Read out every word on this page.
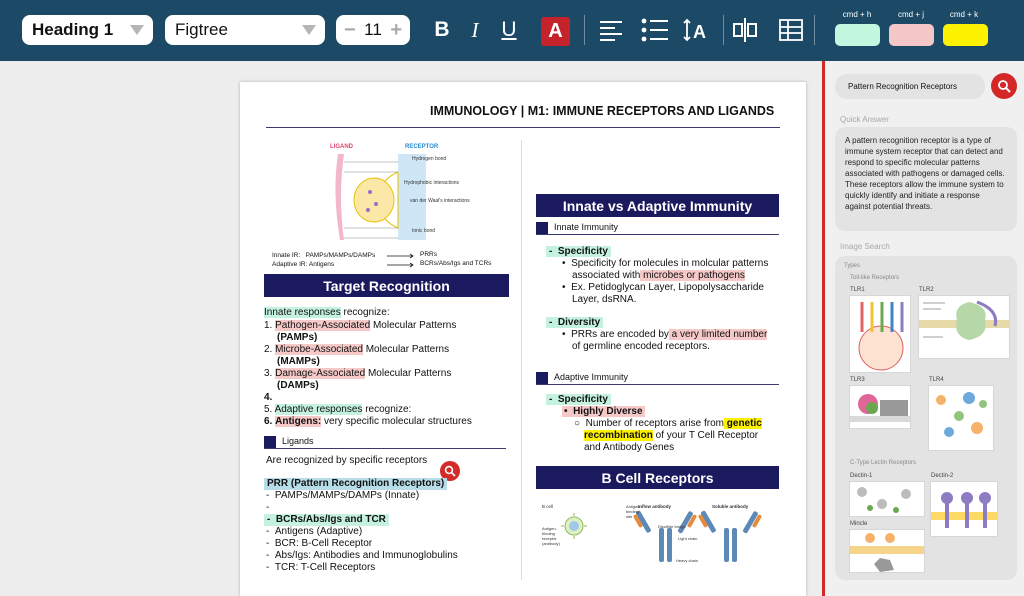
Heading 1	Figtree	− 11 + B I U	A	A
cmd + h	cmd + j	cmd + k
IMMUNOLOGY | M1: IMMUNE RECEPTORS AND LIGANDS
LIGAND	RECEPTOR
Hydrogen bond
Hydrophobic interactions
van der Waal's interactions
Ionic bond
Innate IR: PAMPs/MAMPs/DAMPs
Adaptive IR: Antigens
PRRs
BCRs/Abs/Igs and TCRs
Target Recognition
Innate responses recognize:
1. Pathogen-Associated Molecular Patterns
(PAMPs)
2. Microbe-Associated Molecular Patterns
(MAMPs)
3. Damage-Associated Molecular Patterns
(DAMPs)
4.
5. Adaptive responses recognize:
6. Antigens: very specific molecular structures
Ligands
Are recognized by specific receptors
PRR (Pattern Recognition Receptors)
-  PAMPs/MAMPs/DAMPs (Innate)
-
-  BCRs/Abs/Igs and TCR
-  Antigens (Adaptive)
-  BCR: B-Cell Receptor
-  Abs/Igs: Antibodies and Immunoglobulins
-  TCR: T-Cell Receptors
Innate vs Adaptive Immunity
Innate Immunity
-  Specificity
•  Specificity for molecules in molcular patterns
associated with microbes or pathogens
•  Ex. Petidoglycan Layer, Lipopolysaccharide
Layer, dsRNA.
-  Diversity
•  PRRs are encoded by a very limited number
of germline encoded receptors.
Adaptive Immunity
-  Specificity
•  Highly Diverse
○  Number of receptors arise from genetic
recombination of your T Cell Receptor
and Antibody Genes
B Cell Receptors
B cell
Antigen-binding receptor (antibody)
Inflow antibody	Soluble antibody
Disulfide bridge
Light chain
Heavy chain
Antigen binding site
Pattern Recognition Receptors
Quick Answer
A pattern recognition receptor is a type of immune system receptor that can detect and respond to specific molecular patterns associated with pathogens or damaged cells. These receptors allow the immune system to quickly identify and initiate a response against potential threats.
Image Search
Types
Toll-like Receptors
TLR1	TLR2
TLR3	TLR4
C-Type Lectin Receptors
Dectin-1	Dectin-2
Mincle
